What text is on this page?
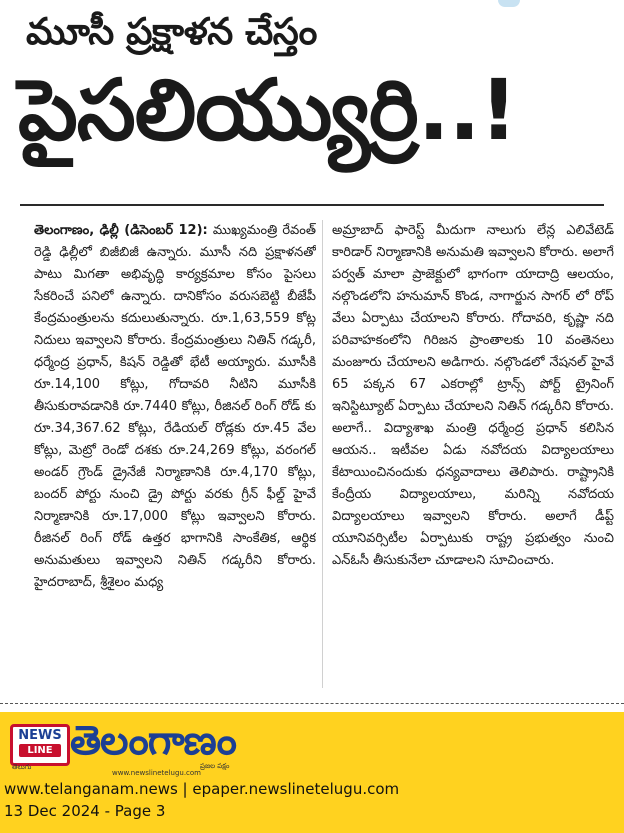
మూసీ ప్రక్షాళన చేస్తం
పైసలియ్యుర్రి..!
తెలంగాణం, ఢిల్లీ (డిసెంబర్ 12): ముఖ్యమంత్రి రేవంత్ రెడ్డి ఢిల్లీలో బిజీబిజీ ఉన్నారు. మూసీ నది ప్రక్షాళనతో పాటు మిగతా అభివృద్ధి కార్యక్రమాల కోసం పైసలు సేకరించే పనిలో ఉన్నారు. దానికోసం వరుసబెట్టి బీజేపీ కేంద్రమంత్రులను కదులుతున్నారు. రూ.1,63,559 కోట్ల నిదులు ఇవ్వాలని కోరారు. కేంద్రమంత్రులు నితిన్ గడ్కరీ, ధర్మేంద్ర ప్రధాన్, కిషన్ రెడ్డితో భేటీ అయ్యారు. మూసీకి రూ.14,100 కోట్లు, గోదావరి నీటిని మూసీకి తీసుకురావడానికి రూ.7440 కోట్లు, రీజినల్ రింగ్ రోడ్ కు రూ.34,367.62 కోట్లు, రేడియల్ రోడ్లకు రూ.45 వేల కోట్లు, మెట్రో రెండో దశకు రూ.24,269 కోట్లు, వరంగల్ అండర్ గ్రౌండ్ డ్రైనేజీ నిర్మాణానికి రూ.4,170 కోట్లు, బందర్ పోర్టు నుంచి డ్రై పోర్టు వరకు గ్రీన్ ఫీల్డ్ హైవే నిర్మాణానికి రూ.17,000 కోట్లు ఇవ్వాలని కోరారు. రీజినల్ రింగ్ రోడ్ ఉత్తర భాగానికి సాంకేతిక, ఆర్థిక అనుమతులు ఇవ్వాలని నితిన్ గడ్కరీని కోరారు. హైదరాబాద్, శ్రీశైలం మధ్య
అమ్రాబాద్ ఫారెస్ట్ మీదుగా నాలుగు లేన్ల ఎలివేటెడ్ కారిడార్ నిర్మాణానికి అనుమతి ఇవ్వాలని కోరారు. అలాగే పర్వత్ మాలా ప్రాజెక్టులో భాగంగా యాదాద్రి ఆలయం, నల్గొండలోని హనుమాన్ కొండ, నాగార్జున సాగర్ లో రోప్ వేలు ఏర్పాటు చేయాలని కోరారు. గోదావరి, కృష్ణా నది పరివాహకంలోని గిరిజన ప్రాంతాలకు 10 వంతెనలు మంజూరు చేయాలని అడిగారు. నల్గొండలో నేషనల్ హైవే 65 పక్కన 67 ఎకరాల్లో ట్రాన్స్ పోర్ట్ ట్రైనింగ్ ఇనిస్టిట్యూట్ ఏర్పాటు చేయాలని నితిన్ గడ్కరీని కోరారు. అలాగే.. విద్యాశాఖ మంత్రి ధర్మేంద్ర ప్రధాన్ కలిసిన ఆయన.. ఇటీవల ఏడు నవోదయ విద్యాలయాలు కేటాయించినందుకు ధన్యవాదాలు తెలిపారు. రాష్ట్రానికి కేంద్రీయ విద్యాలయాలు, మరిన్ని నవోదయ విద్యాలయాలు ఇవ్వాలని కోరారు. అలాగే డీప్ట్ యూనివర్సిటీల ఏర్పాటుకు రాష్ట్ర ప్రభుత్వం నుంచి ఎన్ఓసీ తీసుకునేలా చూడాలని సూచించారు.
NEWS
LINE
తెలుగు
తెలంగాణం
www.newslinetelugu.com
ప్రజల పక్షం
www.telanganam.news | epaper.newslinetelugu.com
13 Dec 2024 - Page 3
